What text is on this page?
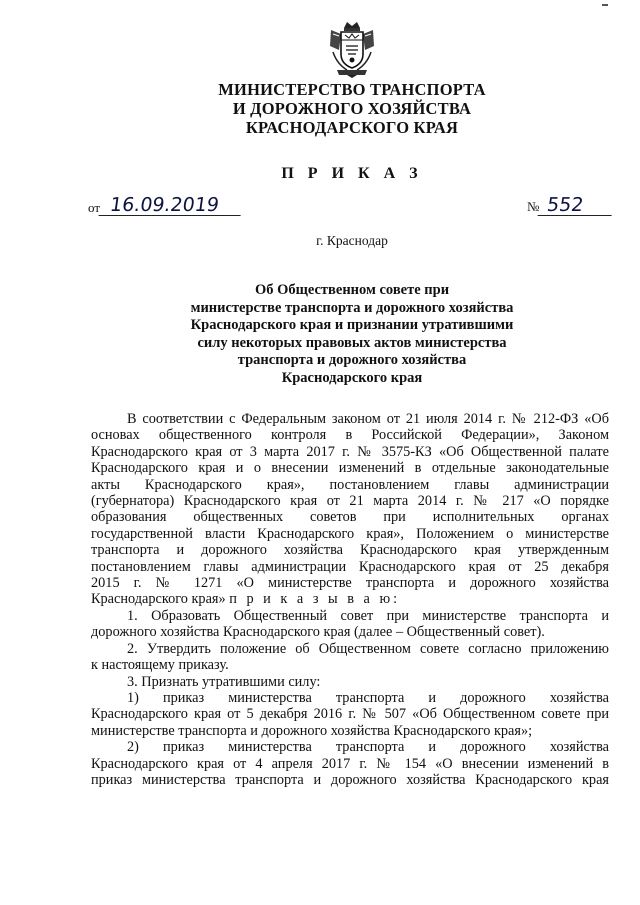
МИНИСТЕРСТВО ТРАНСПОРТА
И ДОРОЖНОГО ХОЗЯЙСТВА
КРАСНОДАРСКОГО КРАЯ
П Р И К А З
от 16.09.2019	№ 552
г. Краснодар
Об Общественном совете при
министерстве транспорта и дорожного хозяйства
Краснодарского края и признании утратившими
силу некоторых правовых актов министерства
транспорта и дорожного хозяйства
Краснодарского края
В соответствии с Федеральным законом от 21 июля 2014 г. № 212-ФЗ «Об
основах общественного контроля в Российской Федерации», Законом
Краснодарского края от 3 марта 2017 г. № 3575-КЗ «Об Общественной палате
Краснодарского края и о внесении изменений в отдельные законодательные
акты Краснодарского края», постановлением главы администрации
(губернатора) Краснодарского края от 21 марта 2014 г. № 217 «О порядке
образования общественных советов при исполнительных органах
государственной власти Краснодарского края», Положением о министерстве
транспорта и дорожного хозяйства Краснодарского края утвержденным
постановлением главы администрации Краснодарского края от 25 декабря
2015 г. № 1271 «О министерстве транспорта и дорожного хозяйства
Краснодарского края» п р и к а з ы в а ю:
1. Образовать Общественный совет при министерстве транспорта и
дорожного хозяйства Краснодарского края (далее – Общественный совет).
2. Утвердить положение об Общественном совете согласно приложению
к настоящему приказу.
3. Признать утратившими силу:
1) приказ министерства транспорта и дорожного хозяйства
Краснодарского края от 5 декабря 2016 г. № 507 «Об Общественном совете при
министерстве транспорта и дорожного хозяйства Краснодарского края»;
2) приказ министерства транспорта и дорожного хозяйства
Краснодарского края от 4 апреля 2017 г. № 154 «О внесении изменений в
приказ министерства транспорта и дорожного хозяйства Краснодарского края
